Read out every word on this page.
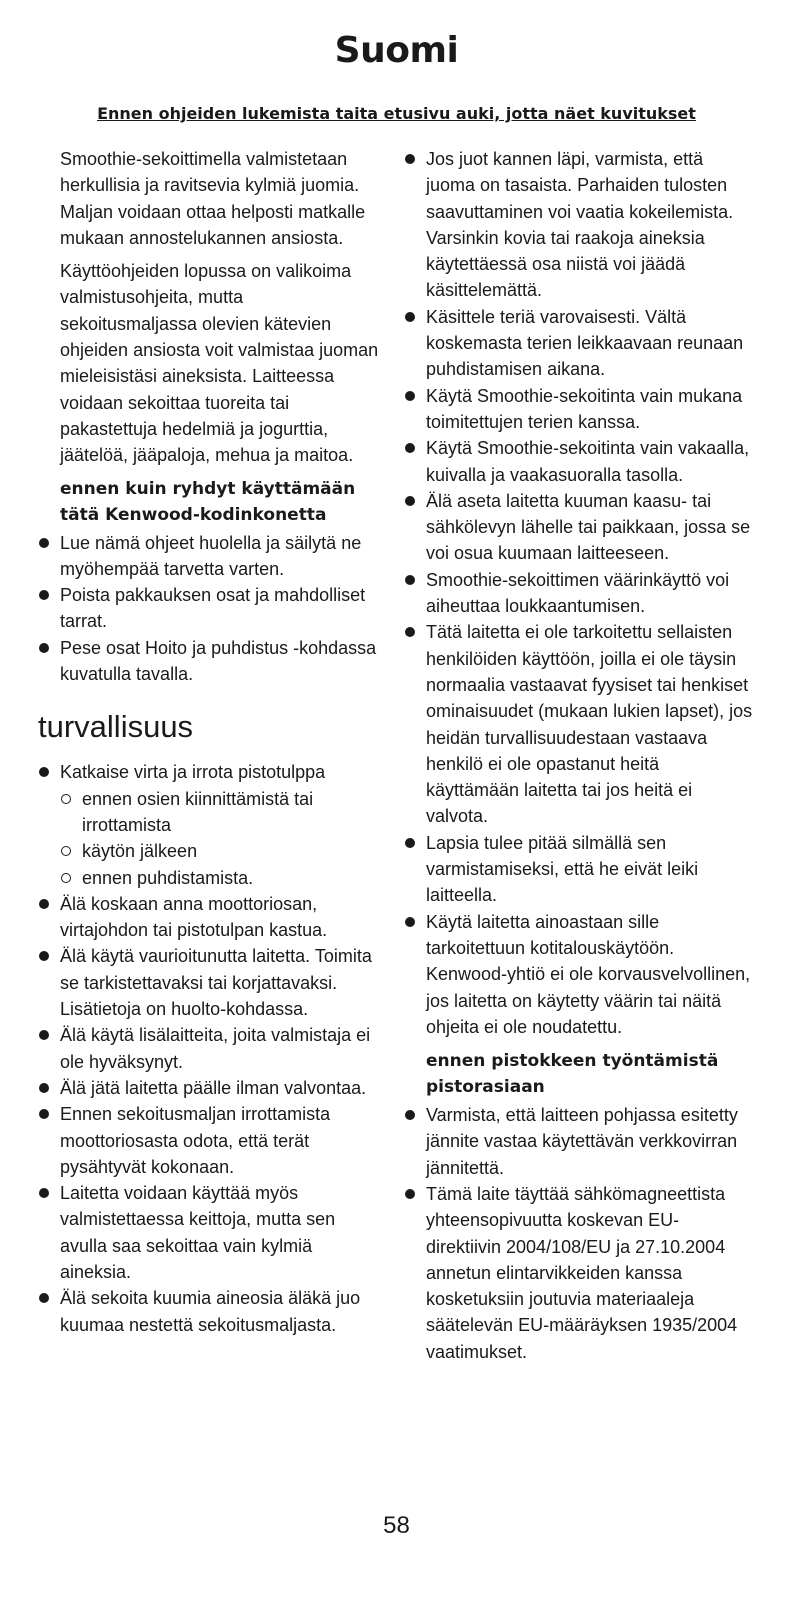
Suomi
Ennen ohjeiden lukemista taita etusivu auki, jotta näet kuvitukset

Smoothie-sekoittimella valmistetaan herkullisia ja ravitsevia kylmiä juomia. Maljan voidaan ottaa helposti matkalle mukaan annostelukannen ansiosta.

Käyttöohjeiden lopussa on valikoima valmistusohjeita, mutta sekoitusmaljassa olevien kätevien ohjeiden ansiosta voit valmistaa juoman mieleisistäsi aineksista. Laitteessa voidaan sekoittaa tuoreita tai pakastettuja hedelmiä ja jogurttia, jäätelöä, jääpaloja, mehua ja maitoa.

ennen kuin ryhdyt käyttämään tätä Kenwood-kodinkonetta
Lue nämä ohjeet huolella ja säilytä ne myöhempää tarvetta varten.
Poista pakkauksen osat ja mahdolliset tarrat.
Pese osat Hoito ja puhdistus -kohdassa kuvatulla tavalla.
turvallisuus
Katkaise virta ja irrota pistotulppa
ennen osien kiinnittämistä tai irrottamista
käytön jälkeen
ennen puhdistamista.
Älä koskaan anna moottoriosan, virtajohdon tai pistotulpan kastua.
Älä käytä vaurioitunutta laitetta. Toimita se tarkistettavaksi tai korjattavaksi. Lisätietoja on huolto-kohdassa.
Älä käytä lisälaitteita, joita valmistaja ei ole hyväksynyt.
Älä jätä laitetta päälle ilman valvontaa.
Ennen sekoitusmaljan irrottamista moottoriosasta odota, että terät pysähtyvät kokonaan.
Laitetta voidaan käyttää myös valmistettaessa keittoja, mutta sen avulla saa sekoittaa vain kylmiä aineksia.
Älä sekoita kuumia aineosia äläkä juo kuumaa nestettä sekoitusmaljasta.
Jos juot kannen läpi, varmista, että juoma on tasaista. Parhaiden tulosten saavuttaminen voi vaatia kokeilemista. Varsinkin kovia tai raakoja aineksia käytettäessä osa niistä voi jäädä käsittelemättä.
Käsittele teriä varovaisesti. Vältä koskemasta terien leikkaavaan reunaan puhdistamisen aikana.
Käytä Smoothie-sekoitinta vain mukana toimitettujen terien kanssa.
Käytä Smoothie-sekoitinta vain vakaalla, kuivalla ja vaakasuoralla tasolla.
Älä aseta laitetta kuuman kaasu- tai sähkölevyn lähelle tai paikkaan, jossa se voi osua kuumaan laitteeseen.
Smoothie-sekoittimen väärinkäyttö voi aiheuttaa loukkaantumisen.
Tätä laitetta ei ole tarkoitettu sellaisten henkilöiden käyttöön, joilla ei ole täysin normaalia vastaavat fyysiset tai henkiset ominaisuudet (mukaan lukien lapset), jos heidän turvallisuudestaan vastaava henkilö ei ole opastanut heitä käyttämään laitetta tai jos heitä ei valvota.
Lapsia tulee pitää silmällä sen varmistamiseksi, että he eivät leiki laitteella.
Käytä laitetta ainoastaan sille tarkoitettuun kotitalouskäytöön. Kenwood-yhtiö ei ole korvausvelvollinen, jos laitetta on käytetty väärin tai näitä ohjeita ei ole noudatettu.
ennen pistokkeen työntämistä pistorasiaan
Varmista, että laitteen pohjassa esitetty jännite vastaa käytettävän verkkovirran jännitettä.
Tämä laite täyttää sähkömagneettista yhteensopivuutta koskevan EU-direktiivin 2004/108/EU ja 27.10.2004 annetun elintarvikkeiden kanssa kosketuksiin joutuvia materiaaleja säätelevän EU-määräyksen 1935/2004 vaatimukset.
58
